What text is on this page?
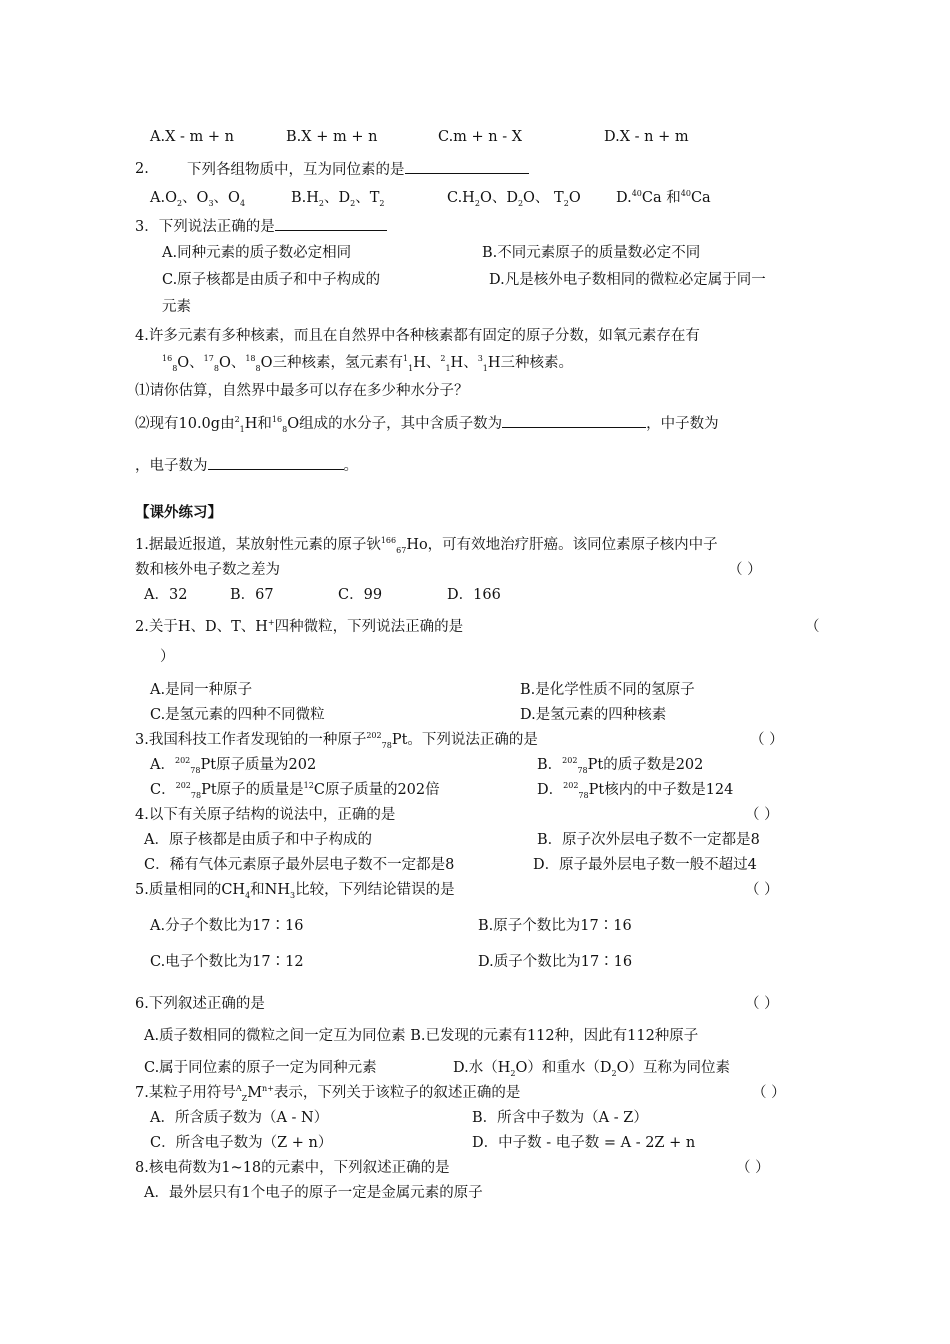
A.X - m + n	B.X + m + n	C.m + n - X	D.X - n + m
2.	下列各组物质中，互为同位素的是
$A.O_2$、$O_3$、$O_4$	$B.H_2$、$D_2$、$T_2$	$C.H_2O$、$D_2O$、 $T_2O$ D.$^{40}$Ca 和$^{40}$Ca
3．下列说法正确的是
A.同种元素的质子数必定相同	B.不同元素原子的质量数必定不同
C.原子核都是由质子和中子构成的	D.凡是核外电子数相同的微粒必定属于同一
元素
4.许多元素有多种核素，而且在自然界中各种核素都有固定的原子分数，如氧元素存在有
$^{16}_8$O、$^{17}_8$O、$^{18}_8$O三种核素，氢元素有$^1_1$H、$^2_1$H、$^3_1$H三种核素。
⑴请你估算，自然界中最多可以存在多少种水分子？
⑵现有10.0g由$^2_1$H和$^{16}_8$O组成的水分子，其中含质子数为	，中子数为
，电子数为	。
【课外练习】
1.据最近报道，某放射性元素的原子钬$^{166}_{67}$Ho，可有效地治疗肝癌。该同位素原子核内中子
数和核外电子数之差为	（ ）
A．32	B．67	C．99	D．166
2.关于H、D、T、H+四种微粒，下列说法正确的是	（
）
A.是同一种原子	B.是化学性质不同的氢原子
C.是氢元素的四种不同微粒	D.是氢元素的四种核素
3.我国科技工作者发现铂的一种原子$^{202}_{78}$Pt。下列说法正确的是	（ ）
A．$^{202}_{78}$Pt原子质量为202	B．$^{202}_{78}$Pt的质子数是202
C．$^{202}_{78}$Pt原子的质量是$^{12}$C原子质量的202倍	D．$^{202}_{78}$Pt核内的中子数是124
4.以下有关原子结构的说法中，正确的是	（ ）
A．原子核都是由质子和中子构成的	B．原子次外层电子数不一定都是8
C．稀有气体元素原子最外层电子数不一定都是8	D．原子最外层电子数一般不超过4
5.质量相同的$CH_4$和$NH_3$比较，下列结论错误的是	（ ）
A.分子个数比为17∶16	B.原子个数比为17∶16
C.电子个数比为17∶12	D.质子个数比为17∶16
6.下列叙述正确的是	（ ）
A.质子数相同的微粒之间一定互为同位素 B.已发现的元素有112种，因此有112种原子
C.属于同位素的原子一定为同种元素	D.水$(H_2O)$和重水$(D_2O)$互称为同位素
7.某粒子用符号$^A_ZM^{n+}$表示，下列关于该粒子的叙述正确的是	（ ）
A．所含质子数为（A - N）	B．所含中子数为（A - Z）
C．所含电子数为（Z + n）	D．中子数 - 电子数 = A - 2Z + n
8.核电荷数为1~18的元素中，下列叙述正确的是	（ ）
A．最外层只有1个电子的原子一定是金属元素的原子
